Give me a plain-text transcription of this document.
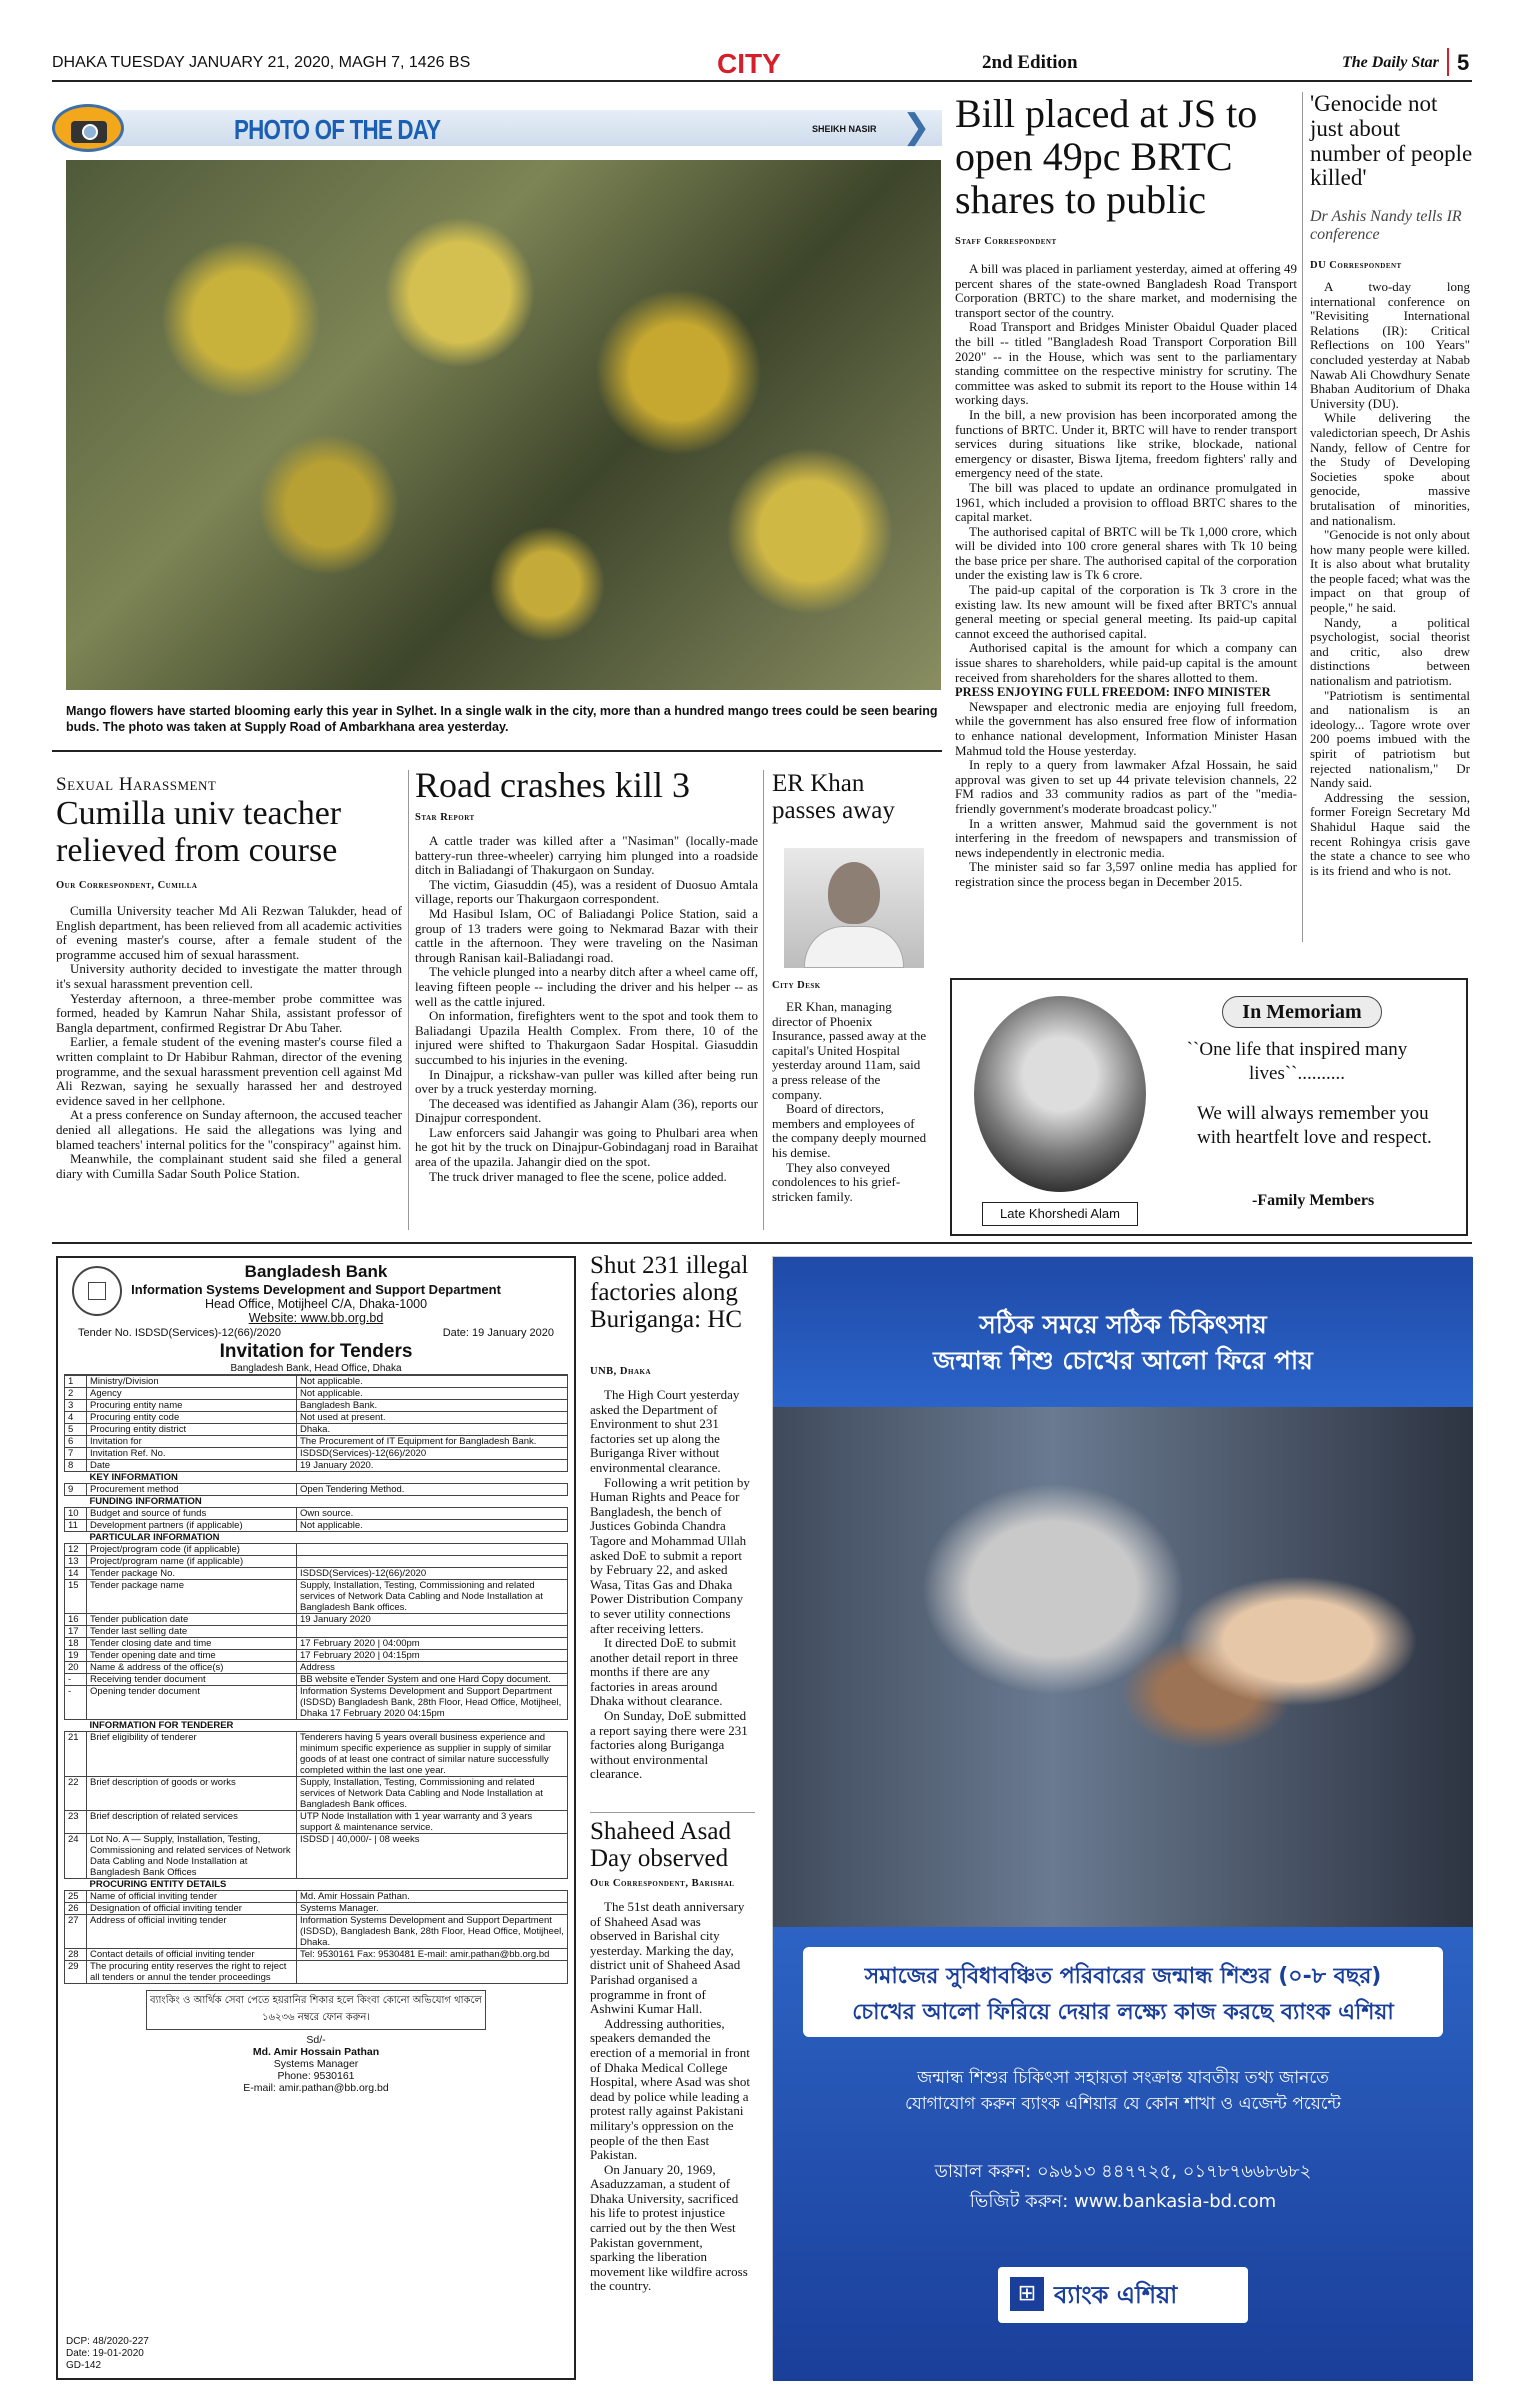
DHAKA TUESDAY JANUARY 21, 2020, MAGH 7, 1426 BS	CITY	2nd Edition	The Daily Star 5
PHOTO OF THE DAY	SHEIKH NASIR ❯
Mango flowers have started blooming early this year in Sylhet. In a single walk in the city, more than a hundred mango trees could be seen bearing buds. The photo was taken at Supply Road of Ambarkhana area yesterday.
Bill placed at JS to open 49pc BRTC shares to public
Staff Correspondent

A bill was placed in parliament yesterday, aimed at offering 49 percent shares of the state-owned Bangladesh Road Transport Corporation (BRTC) to the share market, and modernising the transport sector of the country.

Road Transport and Bridges Minister Obaidul Quader placed the bill -- titled "Bangladesh Road Transport Corporation Bill 2020" -- in the House, which was sent to the parliamentary standing committee on the respective ministry for scrutiny. The committee was asked to submit its report to the House within 14 working days.

In the bill, a new provision has been incorporated among the functions of BRTC. Under it, BRTC will have to render transport services during situations like strike, blockade, national emergency or disaster, Biswa Ijtema, freedom fighters' rally and emergency need of the state.

The bill was placed to update an ordinance promulgated in 1961, which included a provision to offload BRTC shares to the capital market.

The authorised capital of BRTC will be Tk 1,000 crore, which will be divided into 100 crore general shares with Tk 10 being the base price per share. The authorised capital of the corporation under the existing law is Tk 6 crore.

The paid-up capital of the corporation is Tk 3 crore in the existing law. Its new amount will be fixed after BRTC's annual general meeting or special general meeting. Its paid-up capital cannot exceed the authorised capital.

Authorised capital is the amount for which a company can issue shares to shareholders, while paid-up capital is the amount received from shareholders for the shares allotted to them.

PRESS ENJOYING FULL FREEDOM: INFO MINISTER

Newspaper and electronic media are enjoying full freedom, while the government has also ensured free flow of information to enhance national development, Information Minister Hasan Mahmud told the House yesterday.

In reply to a query from lawmaker Afzal Hossain, he said approval was given to set up 44 private television channels, 22 FM radios and 33 community radios as part of the "media-friendly government's moderate broadcast policy."

In a written answer, Mahmud said the government is not interfering in the freedom of newspapers and transmission of news independently in electronic media.

The minister said so far 3,597 online media has applied for registration since the process began in December 2015.

'Genocide not just about number of people killed'
Dr Ashis Nandy tells IR conference
DU Correspondent

A two-day long international conference on "Revisiting International Relations (IR): Critical Reflections on 100 Years" concluded yesterday at Nabab Nawab Ali Chowdhury Senate Bhaban Auditorium of Dhaka University (DU).

While delivering the valedictorian speech, Dr Ashis Nandy, fellow of Centre for the Study of Developing Societies spoke about genocide, massive brutalisation of minorities, and nationalism.

"Genocide is not only about how many people were killed. It is also about what brutality the people faced; what was the impact on that group of people," he said.

Nandy, a political psychologist, social theorist and critic, also drew distinctions between nationalism and patriotism.

"Patriotism is sentimental and nationalism is an ideology... Tagore wrote over 200 poems imbued with the spirit of patriotism but rejected nationalism," Dr Nandy said.

Addressing the session, former Foreign Secretary Md Shahidul Haque said the recent Rohingya crisis gave the state a chance to see who is its friend and who is not.

Sexual Harassment
Cumilla univ teacher relieved from course
Our Correspondent, Cumilla

Cumilla University teacher Md Ali Rezwan Talukder, head of English department, has been relieved from all academic activities of evening master's course, after a female student of the programme accused him of sexual harassment.

University authority decided to investigate the matter through it's sexual harassment prevention cell.

Yesterday afternoon, a three-member probe committee was formed, headed by Kamrun Nahar Shila, assistant professor of Bangla department, confirmed Registrar Dr Abu Taher.

Earlier, a female student of the evening master's course filed a written complaint to Dr Habibur Rahman, director of the evening programme, and the sexual harassment prevention cell against Md Ali Rezwan, saying he sexually harassed her and destroyed evidence saved in her cellphone.

At a press conference on Sunday afternoon, the accused teacher denied all allegations. He said the allegations was lying and blamed teachers' internal politics for the "conspiracy" against him.

Meanwhile, the complainant student said she filed a general diary with Cumilla Sadar South Police Station.

Road crashes kill 3
Star Report

A cattle trader was killed after a "Nasiman" (locally-made battery-run three-wheeler) carrying him plunged into a roadside ditch in Baliadangi of Thakurgaon on Sunday.

The victim, Giasuddin (45), was a resident of Duosuo Amtala village, reports our Thakurgaon correspondent.

Md Hasibul Islam, OC of Baliadangi Police Station, said a group of 13 traders were going to Nekmarad Bazar with their cattle in the afternoon. They were traveling on the Nasiman through Ranisan kail-Baliadangi road.

The vehicle plunged into a nearby ditch after a wheel came off, leaving fifteen people -- including the driver and his helper -- as well as the cattle injured.

On information, firefighters went to the spot and took them to Baliadangi Upazila Health Complex. From there, 10 of the injured were shifted to Thakurgaon Sadar Hospital. Giasuddin succumbed to his injuries in the evening.

In Dinajpur, a rickshaw-van puller was killed after being run over by a truck yesterday morning.

The deceased was identified as Jahangir Alam (36), reports our Dinajpur correspondent.

Law enforcers said Jahangir was going to Phulbari area when he got hit by the truck on Dinajpur-Gobindaganj road in Baraihat area of the upazila. Jahangir died on the spot.

The truck driver managed to flee the scene, police added.

ER Khan passes away
City Desk

ER Khan, managing director of Phoenix Insurance, passed away at the capital's United Hospital yesterday around 11am, said a press release of the company.

Board of directors, members and employees of the company deeply mourned his demise.

They also conveyed condolences to his grief-stricken family.

Late Khorshedi Alam
In Memoriam
``One life that inspired many lives``..........
We will always remember you with heartfelt love and respect.
-Family Members
Bangladesh Bank
Information Systems Development and Support Department
Head Office, Motijheel C/A, Dhaka-1000
Website: www.bb.org.bd
Tender No. ISDSD(Services)-12(66)/2020	Date: 19 January 2020
Invitation for Tenders
Bangladesh Bank, Head Office, Dhaka
1	Ministry/Division	Not applicable.
2	Agency	Not applicable.
3	Procuring entity name	Bangladesh Bank.
4	Procuring entity code	Not used at present.
5	Procuring entity district	Dhaka.
6	Invitation for	The Procurement of IT Equipment for Bangladesh Bank.
7	Invitation Ref. No.	ISDSD(Services)-12(66)/2020
8	Date	19 January 2020.
	KEY INFORMATION	
9	Procurement method	Open Tendering Method.
	FUNDING INFORMATION	
10	Budget and source of funds	Own source.
11	Development partners (if applicable)	Not applicable.
	PARTICULAR INFORMATION	
12	Project/program code (if applicable)	
13	Project/program name (if applicable)	
14	Tender package No.	ISDSD(Services)-12(66)/2020
15	Tender package name	Supply, Installation, Testing, Commissioning and related services of Network Data Cabling and Node Installation at Bangladesh Bank offices.
16	Tender publication date	19 January 2020
17	Tender last selling date	
18	Tender closing date and time	17 February 2020 | 04:00pm
19	Tender opening date and time	17 February 2020 | 04:15pm
20	Name & address of the office(s)	Address
-	Receiving tender document	BB website eTender System and one Hard Copy document.
-	Opening tender document	Information Systems Development and Support Department (ISDSD) Bangladesh Bank, 28th Floor, Head Office, Motijheel, Dhaka 17 February 2020 04:15pm
	INFORMATION FOR TENDERER	
21	Brief eligibility of tenderer	Tenderers having 5 years overall business experience and minimum specific experience as supplier in supply of similar goods of at least one contract of similar nature successfully completed within the last one year.
22	Brief description of goods or works	Supply, Installation, Testing, Commissioning and related services of Network Data Cabling and Node Installation at Bangladesh Bank offices.
23	Brief description of related services	UTP Node Installation with 1 year warranty and 3 years support & maintenance service.
24	Lot No. A — Supply, Installation, Testing, Commissioning and related services of Network Data Cabling and Node Installation at Bangladesh Bank Offices	ISDSD | 40,000/- | 08 weeks
	PROCURING ENTITY DETAILS	
25	Name of official inviting tender	Md. Amir Hossain Pathan.
26	Designation of official inviting tender	Systems Manager.
27	Address of official inviting tender	Information Systems Development and Support Department (ISDSD), Bangladesh Bank, 28th Floor, Head Office, Motijheel, Dhaka.
28	Contact details of official inviting tender	Tel: 9530161 Fax: 9530481 E-mail: amir.pathan@bb.org.bd
29	The procuring entity reserves the right to reject all tenders or annul the tender proceedings	
ব্যাংকিং ও আর্থিক সেবা পেতে হয়রানির শিকার হলে কিংবা কোনো অভিযোগ থাকলে ১৬২৩৬ নম্বরে ফোন করুন।
Sd/-
Md. Amir Hossain Pathan
Systems Manager
Phone: 9530161
E-mail: amir.pathan@bb.org.bd
DCP: 48/2020-227
Date: 19-01-2020
GD-142
Shut 231 illegal factories along Buriganga: HC
UNB, Dhaka

The High Court yesterday asked the Department of Environment to shut 231 factories set up along the Buriganga River without environmental clearance.

Following a writ petition by Human Rights and Peace for Bangladesh, the bench of Justices Gobinda Chandra Tagore and Mohammad Ullah asked DoE to submit a report by February 22, and asked Wasa, Titas Gas and Dhaka Power Distribution Company to sever utility connections after receiving letters.

It directed DoE to submit another detail report in three months if there are any factories in areas around Dhaka without clearance.

On Sunday, DoE submitted a report saying there were 231 factories along Buriganga without environmental clearance.

Shaheed Asad Day observed
Our Correspondent, Barishal

The 51st death anniversary of Shaheed Asad was observed in Barishal city yesterday. Marking the day, district unit of Shaheed Asad Parishad organised a programme in front of Ashwini Kumar Hall.

Addressing authorities, speakers demanded the erection of a memorial in front of Dhaka Medical College Hospital, where Asad was shot dead by police while leading a protest rally against Pakistani military's oppression on the people of the then East Pakistan.

On January 20, 1969, Asaduzzaman, a student of Dhaka University, sacrificed his life to protest injustice carried out by the then West Pakistan government, sparking the liberation movement like wildfire across the country.

সঠিক সময়ে সঠিক চিকিৎসায়
জন্মান্ধ শিশু চোখের আলো ফিরে পায়
সমাজের সুবিধাবঞ্চিত পরিবারের জন্মান্ধ শিশুর (০-৮ বছর)
চোখের আলো ফিরিয়ে দেয়ার লক্ষ্যে কাজ করছে ব্যাংক এশিয়া
জন্মান্ধ শিশুর চিকিৎসা সহায়তা সংক্রান্ত যাবতীয় তথ্য জানতে
যোগাযোগ করুন ব্যাংক এশিয়ার যে কোন শাখা ও এজেন্ট পয়েন্টে
ডায়াল করুন: ০৯৬১৩ ৪৪৭৭২৫, ০১৭৮৭৬৬৮৬৮২
ভিজিট করুন: www.bankasia-bd.com
⊞ ব্যাংক এশিয়া
